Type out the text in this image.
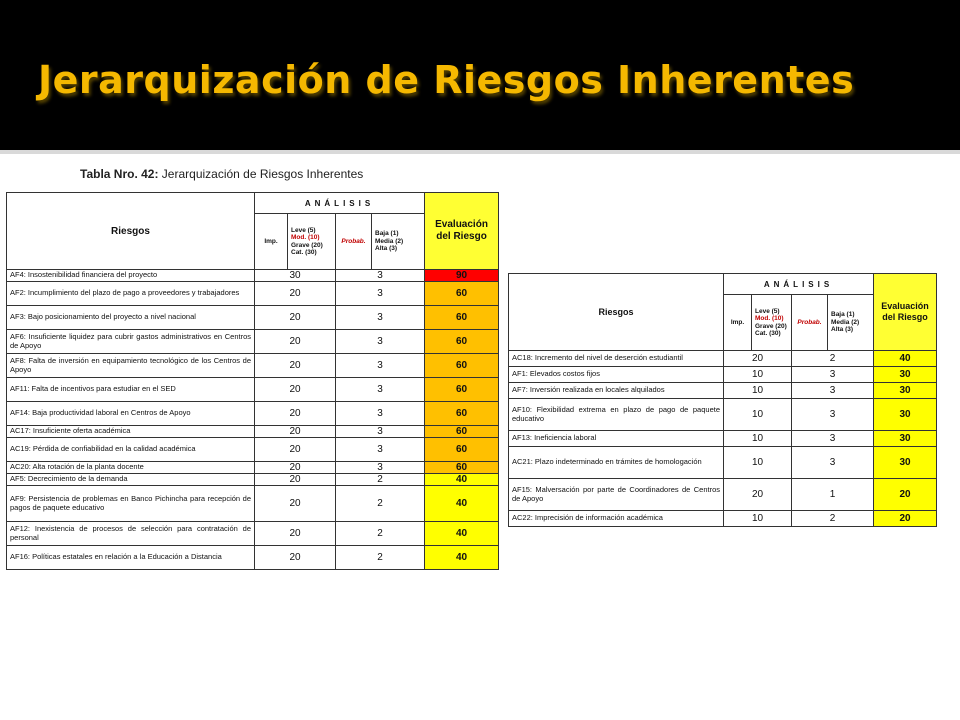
Jerarquización de Riesgos Inherentes
Tabla Nro. 42: Jerarquización de Riesgos Inherentes
Riesgos	ANÁLISIS				Evaluación
del Riesgo
	Imp.	Leve (5)
Mod. (10)
Grave (20)
Cat. (30)	Probab.	Baja (1)
Media (2)
Alta (3)	
AF4: Insostenibilidad financiera del proyecto	30		3		90
AF2: Incumplimiento del plazo de pago a proveedores y trabajadores	20		3		60
AF3: Bajo posicionamiento del proyecto a nivel nacional	20		3		60
AF6: Insuficiente liquidez para cubrir gastos administrativos en Centros de Apoyo	20		3		60
AF8: Falta de inversión en equipamiento tecnológico de los Centros de Apoyo	20		3		60
AF11: Falta de incentivos para estudiar en el SED	20		3		60
AF14: Baja productividad laboral en Centros de Apoyo	20		3		60
AC17: Insuficiente oferta académica	20		3		60
AC19: Pérdida de confiabilidad en la calidad académica	20		3		60
AC20: Alta rotación de la planta docente	20		3		60
AF5: Decrecimiento de la demanda	20		2		40
AF9: Persistencia de problemas en Banco Pichincha para recepción de pagos de paquete educativo	20		2		40
AF12: Inexistencia de procesos de selección para contratación de personal	20		2		40
AF16: Políticas estatales en relación a la Educación a Distancia	20		2		40
Riesgos	ANÁLISIS				Evaluación
del Riesgo
	Imp.	Leve (5)
Mod. (10)
Grave (20)
Cat. (30)	Probab.	Baja (1)
Media (2)
Alta (3)	
AC18: Incremento del nivel de deserción estudiantil	20		2		40
AF1: Elevados costos fijos	10		3		30
AF7: Inversión realizada en locales alquilados	10		3		30
AF10: Flexibilidad extrema en plazo de pago de paquete educativo	10		3		30
AF13: Ineficiencia laboral	10		3		30
AC21: Plazo indeterminado en trámites de homologación	10		3		30
AF15: Malversación por parte de Coordinadores de Centros de Apoyo	20		1		20
AC22: Imprecisión de información académica	10		2		20
